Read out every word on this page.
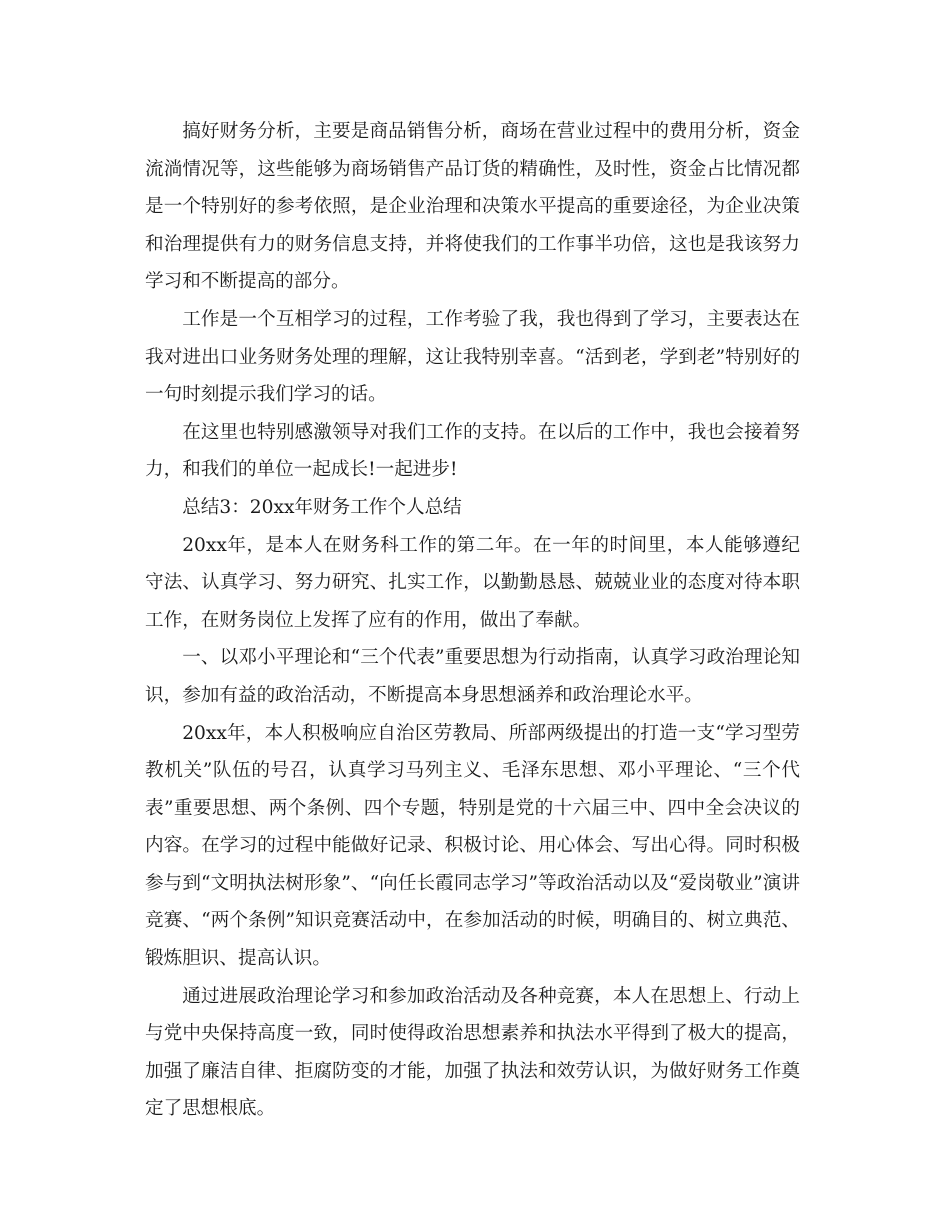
搞好财务分析，主要是商品销售分析，商场在营业过程中的费用分析，资金流淌情况等，这些能够为商场销售产品订货的精确性，及时性，资金占比情况都是一个特别好的参考依照，是企业治理和决策水平提高的重要途径，为企业决策和治理提供有力的财务信息支持，并将使我们的工作事半功倍，这也是我该努力学习和不断提高的部分。

工作是一个互相学习的过程，工作考验了我，我也得到了学习，主要表达在我对进出口业务财务处理的理解，这让我特别幸喜。“活到老，学到老”特别好的一句时刻提示我们学习的话。

在这里也特别感激领导对我们工作的支持。在以后的工作中，我也会接着努力，和我们的单位一起成长!一起进步!

总结3：20xx年财务工作个人总结

20xx年，是本人在财务科工作的第二年。在一年的时间里，本人能够遵纪守法、认真学习、努力研究、扎实工作，以勤勤恳恳、兢兢业业的态度对待本职工作，在财务岗位上发挥了应有的作用，做出了奉献。

一、以邓小平理论和“三个代表”重要思想为行动指南，认真学习政治理论知识，参加有益的政治活动，不断提高本身思想涵养和政治理论水平。

20xx年，本人积极响应自治区劳教局、所部两级提出的打造一支“学习型劳教机关”队伍的号召，认真学习马列主义、毛泽东思想、邓小平理论、“三个代表”重要思想、两个条例、四个专题，特别是党的十六届三中、四中全会决议的内容。在学习的过程中能做好记录、积极讨论、用心体会、写出心得。同时积极参与到“文明执法树形象”、“向任长霞同志学习”等政治活动以及“爱岗敬业”演讲竞赛、“两个条例”知识竞赛活动中，在参加活动的时候，明确目的、树立典范、锻炼胆识、提高认识。

通过进展政治理论学习和参加政治活动及各种竞赛，本人在思想上、行动上与党中央保持高度一致，同时使得政治思想素养和执法水平得到了极大的提高，加强了廉洁自律、拒腐防变的才能，加强了执法和效劳认识，为做好财务工作奠定了思想根底。
